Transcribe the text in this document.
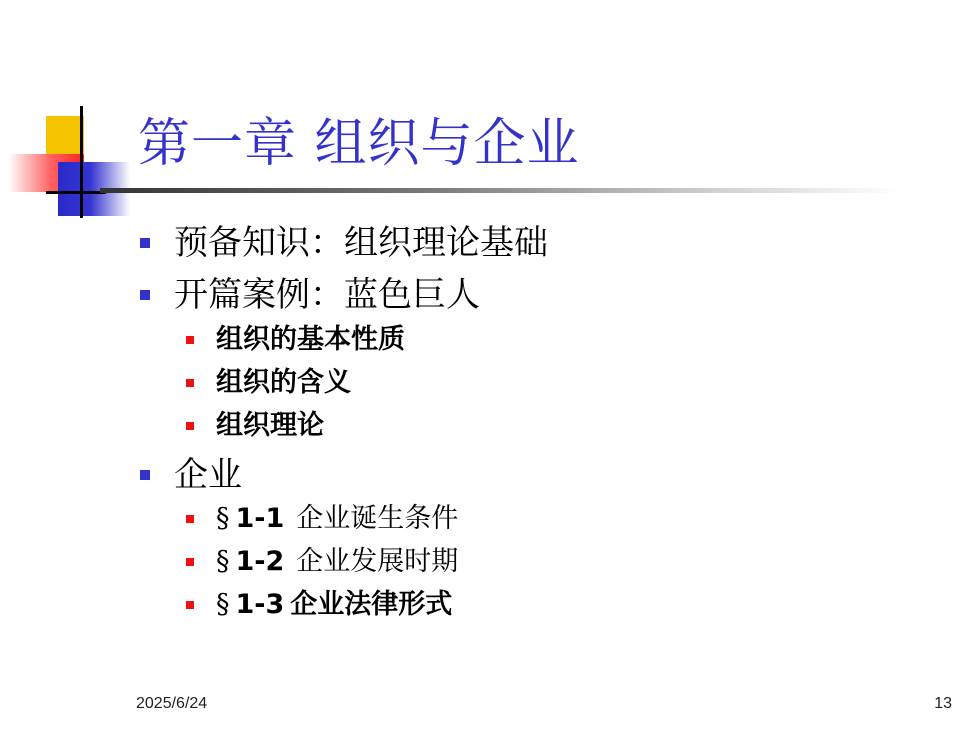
第一章 组织与企业
预备知识：组织理论基础
开篇案例：蓝色巨人
组织的基本性质
组织的含义
组织理论
企业
§ 1-1 企业诞生条件
§ 1-2 企业发展时期
§ 1-3 企业法律形式
2025/6/24	13
